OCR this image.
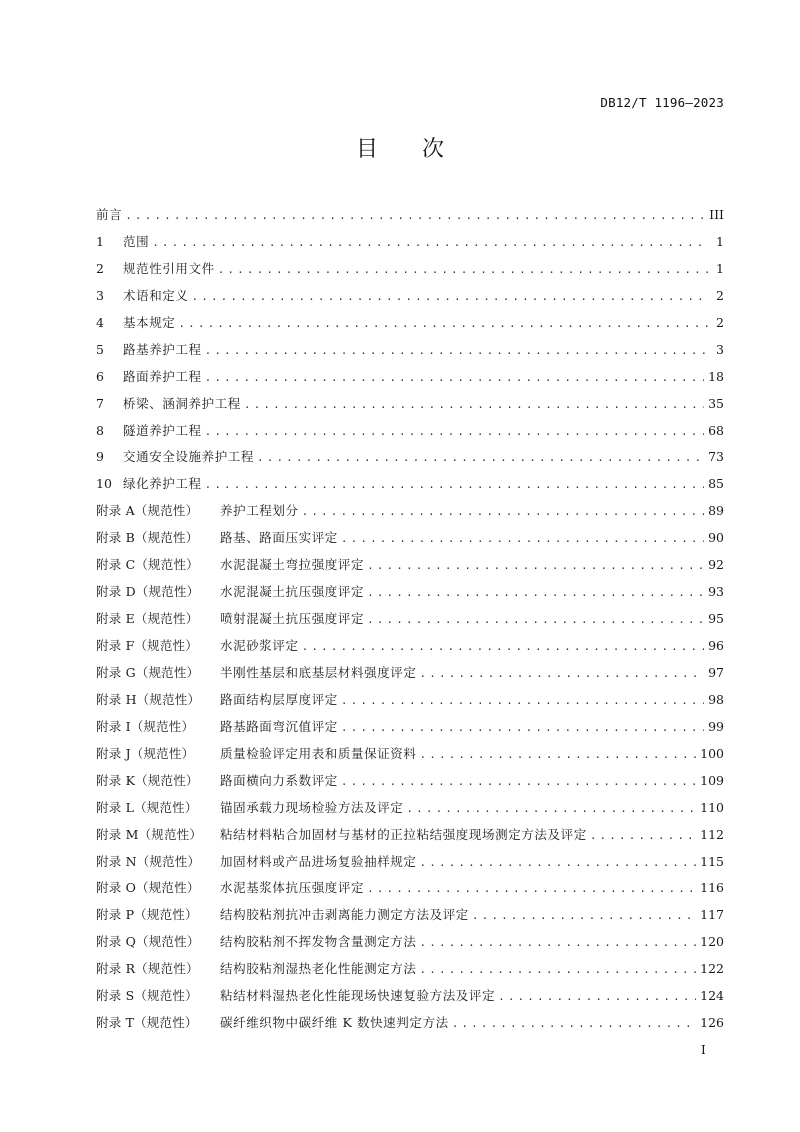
DB12/T 1196—2023
目 次
前言 .....	III
1	范围 .....	1
2	规范性引用文件 .....	1
3	术语和定义 .....	2
4	基本规定 .....	2
5	路基养护工程 .....	3
6	路面养护工程 .....	18
7	桥梁、涵洞养护工程 .....	35
8	隧道养护工程 .....	68
9	交通安全设施养护工程 .....	73
10 绿化养护工程 .....	85
附录 A（规范性）	养护工程划分 .....	89
附录 B（规范性）	路基、路面压实评定 .....	90
附录 C（规范性）	水泥混凝土弯拉强度评定 .....	92
附录 D（规范性）	水泥混凝土抗压强度评定 .....	93
附录 E（规范性）	喷射混凝土抗压强度评定 .....	95
附录 F（规范性）	水泥砂浆评定 .....	96
附录 G（规范性）	半刚性基层和底基层材料强度评定 .....	97
附录 H（规范性）	路面结构层厚度评定 .....	98
附录 I（规范性）	路基路面弯沉值评定 .....	99
附录 J（规范性）	质量检验评定用表和质量保证资料 .....	100
附录 K（规范性）	路面横向力系数评定 .....	109
附录 L（规范性）	锚固承载力现场检验方法及评定 .....	110
附录 M（规范性）	粘结材料粘合加固材与基材的正拉粘结强度现场测定方法及评定 .....	112
附录 N（规范性）	加固材料或产品进场复验抽样规定 .....	115
附录 O（规范性）	水泥基浆体抗压强度评定 .....	116
附录 P（规范性）	结构胶粘剂抗冲击剥离能力测定方法及评定 .....	117
附录 Q（规范性）	结构胶粘剂不挥发物含量测定方法 .....	120
附录 R（规范性）	结构胶粘剂湿热老化性能测定方法 .....	122
附录 S（规范性）	粘结材料湿热老化性能现场快速复验方法及评定 .....	124
附录 T（规范性）	碳纤维织物中碳纤维 K 数快速判定方法 .....	126
I
